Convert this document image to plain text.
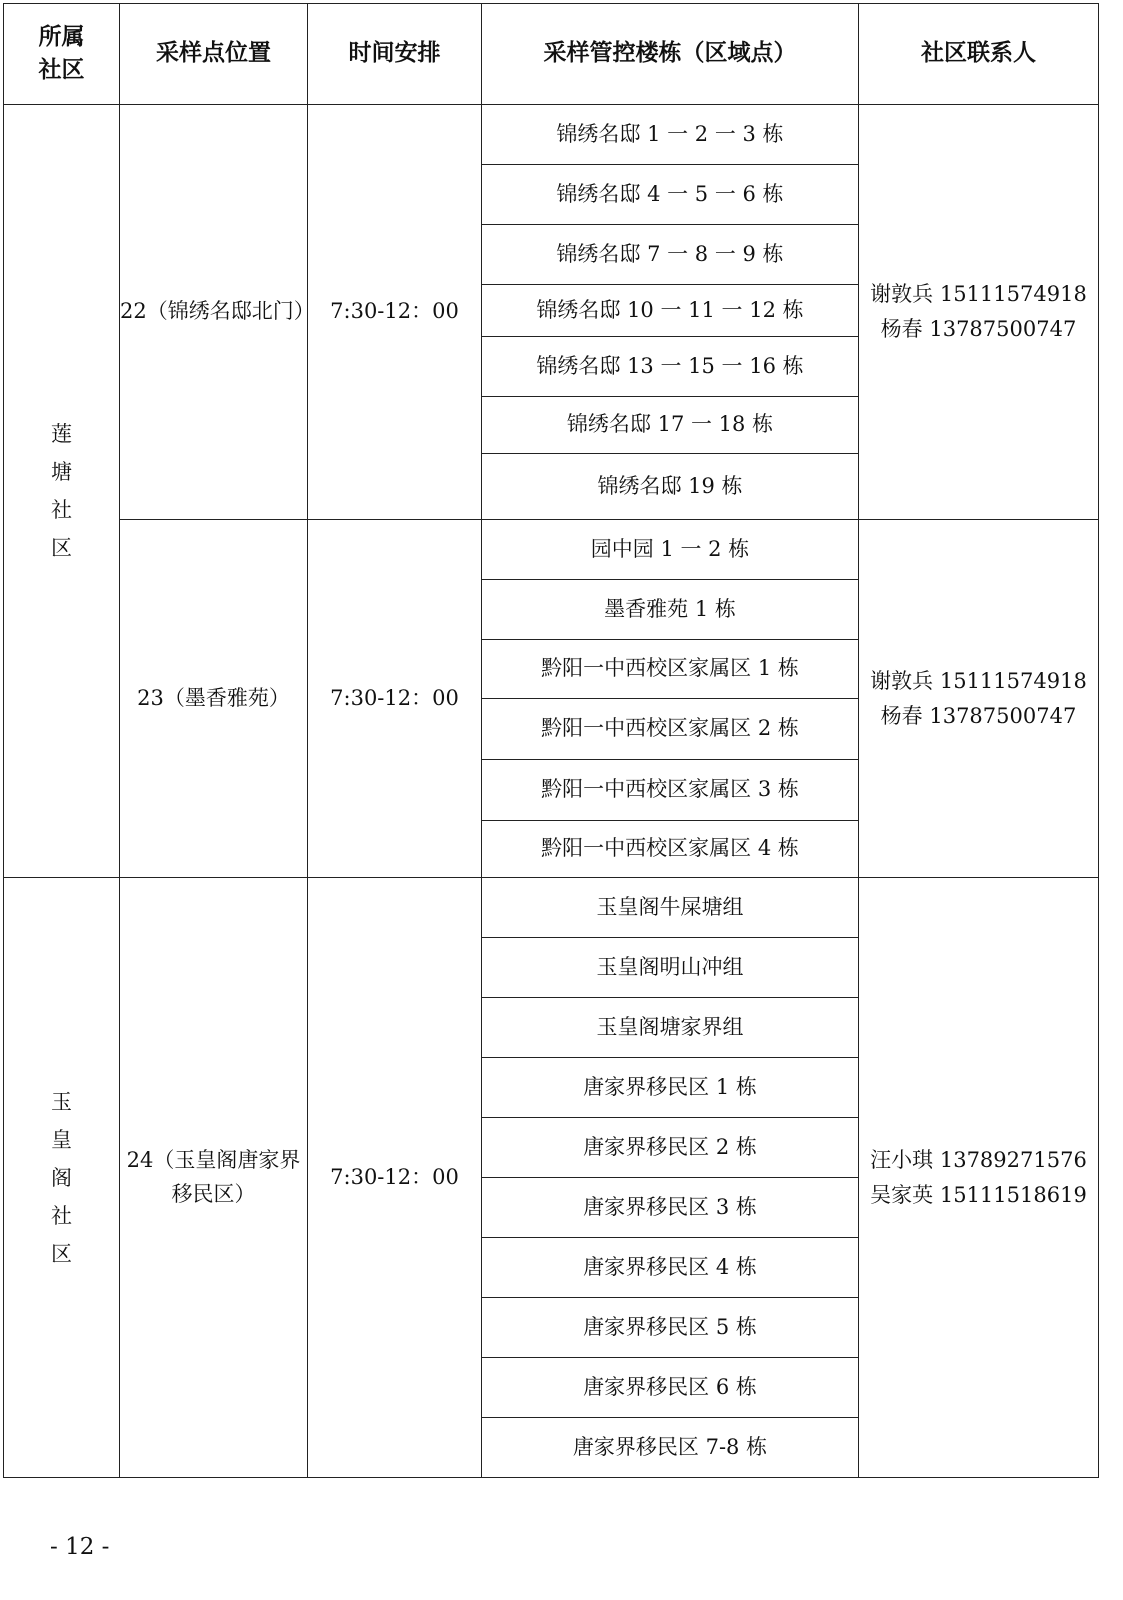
所属
社区	采样点位置	时间安排	采样管控楼栋（区域点）	社区联系人
莲塘社区	22（锦绣名邸北门）	7:30-12：00	锦绣名邸 1 一 2 一 3 栋	谢敦兵 15111574918
杨春 13787500747

			锦绣名邸 4 一 5 一 6 栋	
			锦绣名邸 7 一 8 一 9 栋	
			锦绣名邸 10 一 11 一 12 栋	
			锦绣名邸 13 一 15 一 16 栋	
			锦绣名邸 17 一 18 栋	
			锦绣名邸 19 栋	
	23（墨香雅苑）	7:30-12：00	园中园 1 一 2 栋	谢敦兵 15111574918
杨春 13787500747

			墨香雅苑 1 栋	
			黔阳一中西校区家属区 1 栋	
			黔阳一中西校区家属区 2 栋	
			黔阳一中西校区家属区 3 栋	
			黔阳一中西校区家属区 4 栋	
玉皇阁社区	24（玉皇阁唐家界移民区）	7:30-12：00	玉皇阁牛屎塘组	汪小琪 13789271576
吴家英 15111518619

			玉皇阁明山冲组	
			玉皇阁塘家界组	
			唐家界移民区 1 栋	
			唐家界移民区 2 栋	
			唐家界移民区 3 栋	
			唐家界移民区 4 栋	
			唐家界移民区 5 栋	
			唐家界移民区 6 栋	
			唐家界移民区 7-8 栋	
- 12 -
